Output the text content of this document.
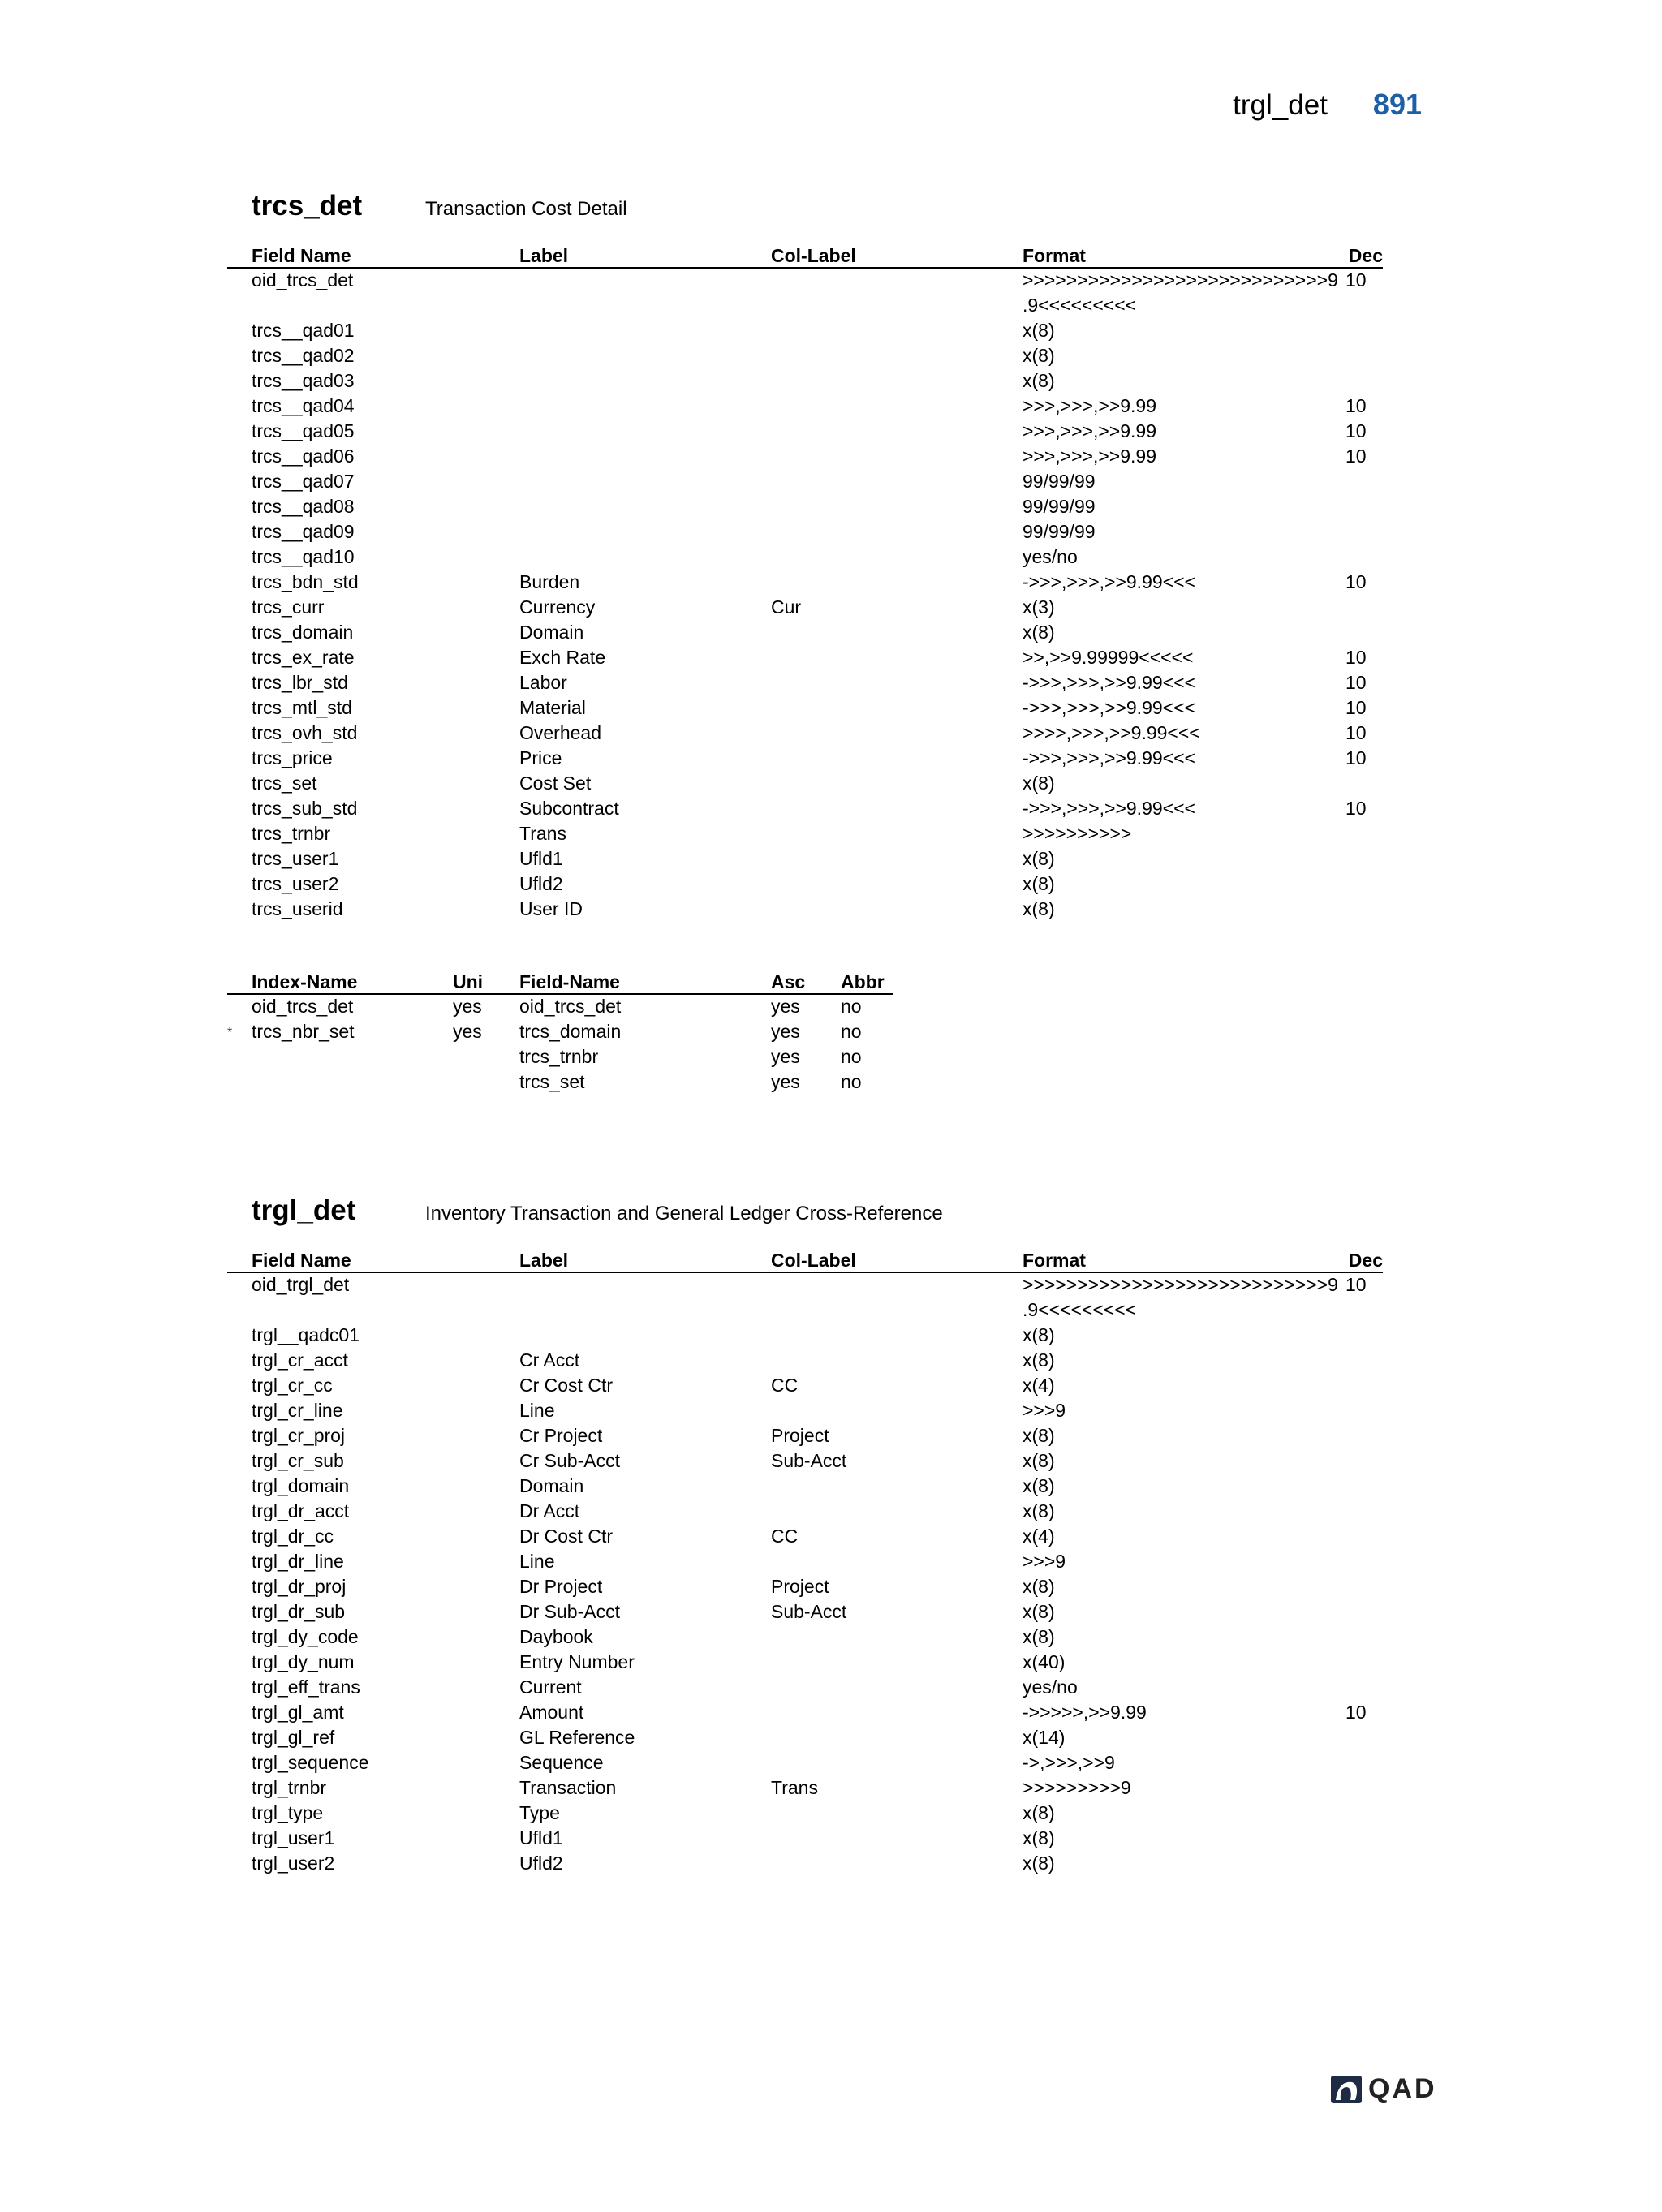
trgl_det 891
trcs_det	Transaction Cost Detail
	Field Name	Label	Col-Label	Format	Dec
	oid_trcs_det			>>>>>>>>>>>>>>>>>>>>>>>>>>>>9	10
				.9<<<<<<<<<	
	trcs__qad01			x(8)	
	trcs__qad02			x(8)	
	trcs__qad03			x(8)	
	trcs__qad04			>>>,>>>,>>9.99	10
	trcs__qad05			>>>,>>>,>>9.99	10
	trcs__qad06			>>>,>>>,>>9.99	10
	trcs__qad07			99/99/99	
	trcs__qad08			99/99/99	
	trcs__qad09			99/99/99	
	trcs__qad10			yes/no	
	trcs_bdn_std	Burden		->>>,>>>,>>9.99<<<	10
	trcs_curr	Currency	Cur	x(3)	
	trcs_domain	Domain		x(8)	
	trcs_ex_rate	Exch Rate		>>,>>9.99999<<<<<	10
	trcs_lbr_std	Labor		->>>,>>>,>>9.99<<<	10
	trcs_mtl_std	Material		->>>,>>>,>>9.99<<<	10
	trcs_ovh_std	Overhead		>>>>,>>>,>>9.99<<<	10
	trcs_price	Price		->>>,>>>,>>9.99<<<	10
	trcs_set	Cost Set		x(8)	
	trcs_sub_std	Subcontract		->>>,>>>,>>9.99<<<	10
	trcs_trnbr	Trans		>>>>>>>>>>	
	trcs_user1	Ufld1		x(8)	
	trcs_user2	Ufld2		x(8)	
	trcs_userid	User ID		x(8)	
	Index-Name	Uni	Field-Name	Asc	Abbr
	oid_trcs_det	yes	oid_trcs_det	yes	no
*	trcs_nbr_set	yes	trcs_domain	yes	no
			trcs_trnbr	yes	no
			trcs_set	yes	no
trgl_det	Inventory Transaction and General Ledger Cross-Reference
	Field Name	Label	Col-Label	Format	Dec
	oid_trgl_det			>>>>>>>>>>>>>>>>>>>>>>>>>>>>9	10
				.9<<<<<<<<<	
	trgl__qadc01			x(8)	
	trgl_cr_acct	Cr Acct		x(8)	
	trgl_cr_cc	Cr Cost Ctr	CC	x(4)	
	trgl_cr_line	Line		>>>9	
	trgl_cr_proj	Cr Project	Project	x(8)	
	trgl_cr_sub	Cr Sub-Acct	Sub-Acct	x(8)	
	trgl_domain	Domain		x(8)	
	trgl_dr_acct	Dr Acct		x(8)	
	trgl_dr_cc	Dr Cost Ctr	CC	x(4)	
	trgl_dr_line	Line		>>>9	
	trgl_dr_proj	Dr Project	Project	x(8)	
	trgl_dr_sub	Dr Sub-Acct	Sub-Acct	x(8)	
	trgl_dy_code	Daybook		x(8)	
	trgl_dy_num	Entry Number		x(40)	
	trgl_eff_trans	Current		yes/no	
	trgl_gl_amt	Amount		->>>>>,>>9.99	10
	trgl_gl_ref	GL Reference		x(14)	
	trgl_sequence	Sequence		->,>>>,>>9	
	trgl_trnbr	Transaction	Trans	>>>>>>>>>9	
	trgl_type	Type		x(8)	
	trgl_user1	Ufld1		x(8)	
	trgl_user2	Ufld2		x(8)	
QAD
